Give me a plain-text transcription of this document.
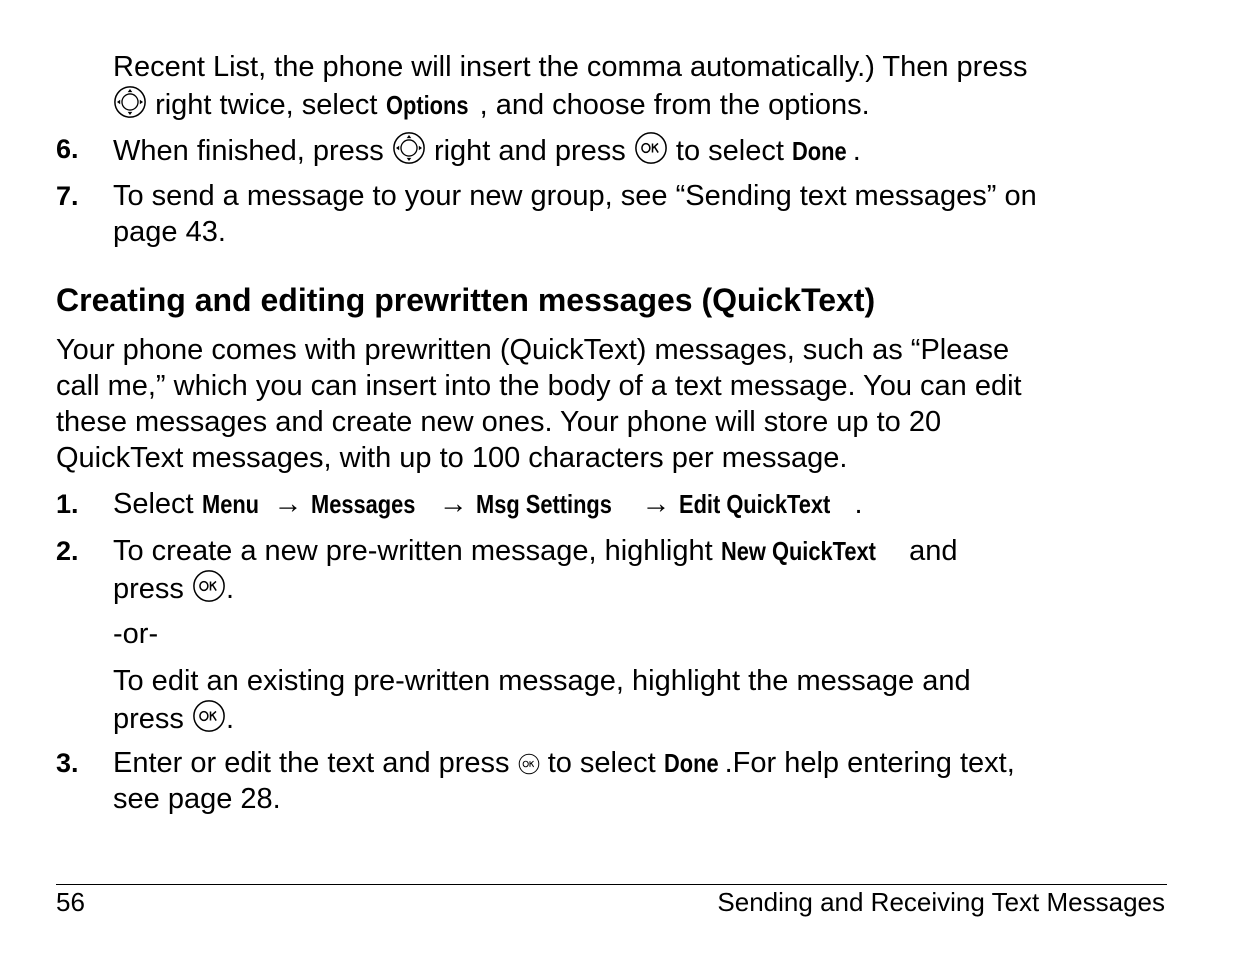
Recent List, the phone will insert the comma automatically.) Then press

right twice, select Options , and choose from the options.

6. When finished, press right and press to select Done .

7. To send a message to your new group, see “Sending text messages” on

page 43.

Creating and editing prewritten messages (QuickText)

Your phone comes with prewritten (QuickText) messages, such as “Please

call me,” which you can insert into the body of a text message. You can edit

these messages and create new ones. Your phone will store up to 20

QuickText messages, with up to 100 characters per message.

1. Select Menu → Messages → Msg Settings → Edit QuickText .

2. To create a new pre-written message, highlight New QuickText and

press .

-or-

To edit an existing pre-written message, highlight the message and

press .

3. Enter or edit the text and press to select Done .For help entering text,

see page 28.

56	Sending and Receiving Text Messages
